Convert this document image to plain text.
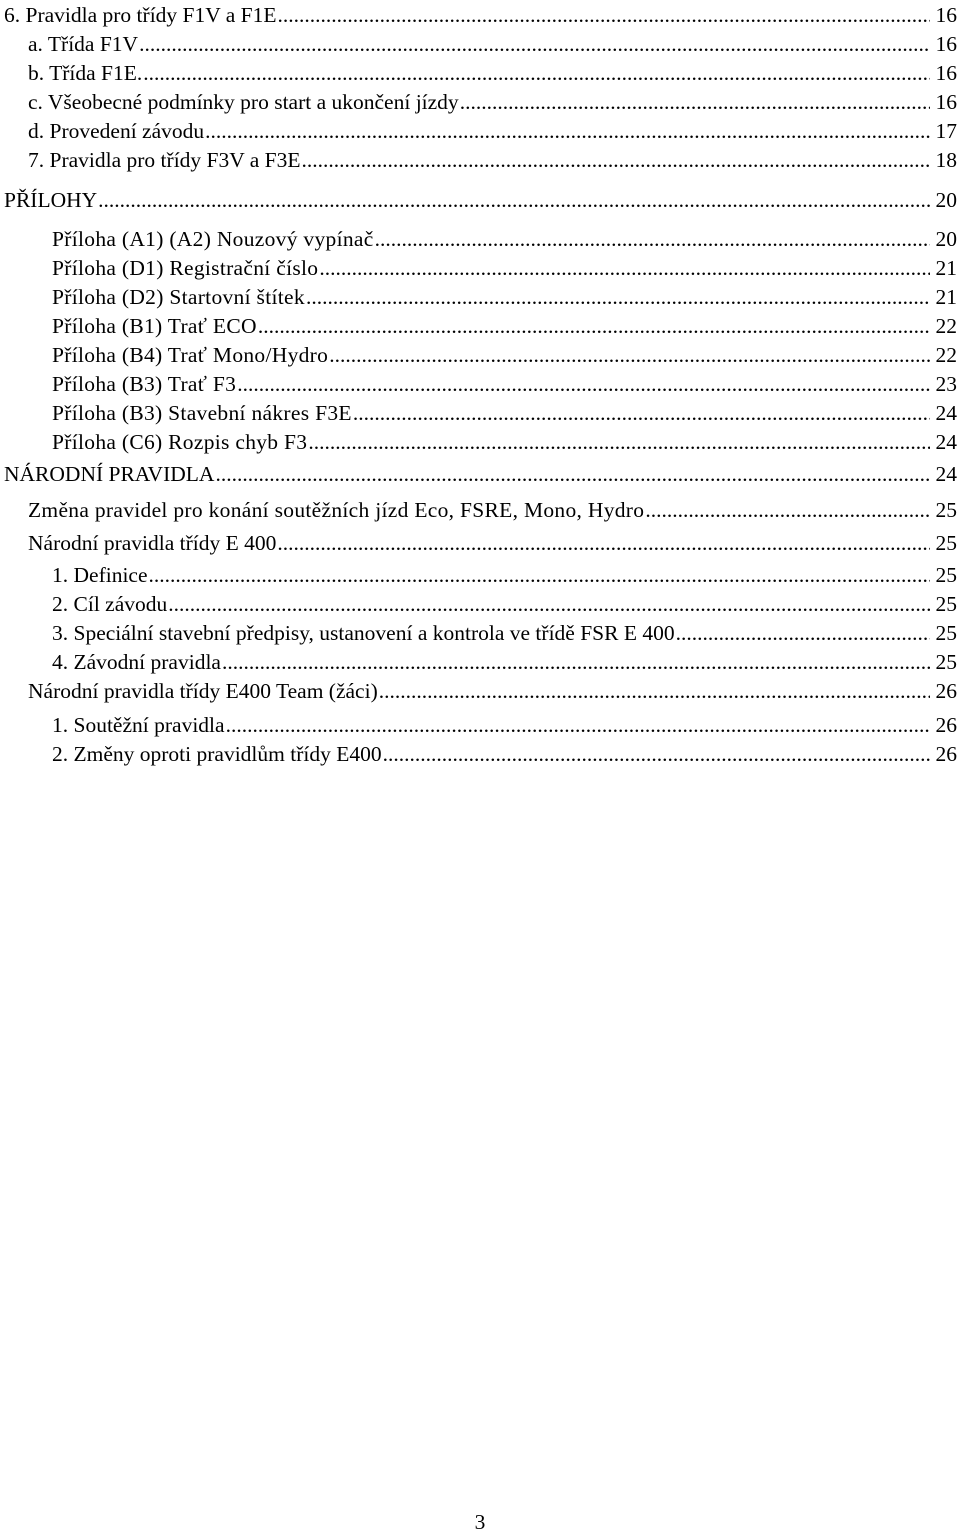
6. Pravidla pro třídy F1V a F1E .....	16
a. Třída F1V .....	16
b. Třída F1E. .....	16
c. Všeobecné podmínky pro start a ukončení jízdy .....	16
d. Provedení závodu .....	17
7. Pravidla pro třídy F3V a F3E .....	18
PŘÍLOHY .....	20
Příloha (A1) (A2) Nouzový vypínač .....	20
Příloha (D1) Registrační číslo .....	21
Příloha (D2) Startovní štítek .....	21
Příloha (B1) Trať ECO .....	22
Příloha (B4) Trať Mono/Hydro .....	22
Příloha (B3) Trať F3 .....	23
Příloha (B3) Stavební nákres F3E .....	24
Příloha (C6) Rozpis chyb F3 .....	24
NÁRODNÍ PRAVIDLA .....	24
Změna pravidel pro konání soutěžních jízd Eco, FSRE, Mono, Hydro .....	25
Národní pravidla třídy E 400 .....	25
1. Definice .....	25
2. Cíl závodu .....	25
3. Speciální stavební předpisy, ustanovení a kontrola ve třídě FSR E 400 .....	25
4. Závodní pravidla .....	25
Národní pravidla třídy E400 Team (žáci) .....	26
1. Soutěžní pravidla .....	26
2. Změny oproti pravidlům třídy E400 .....	26
3
